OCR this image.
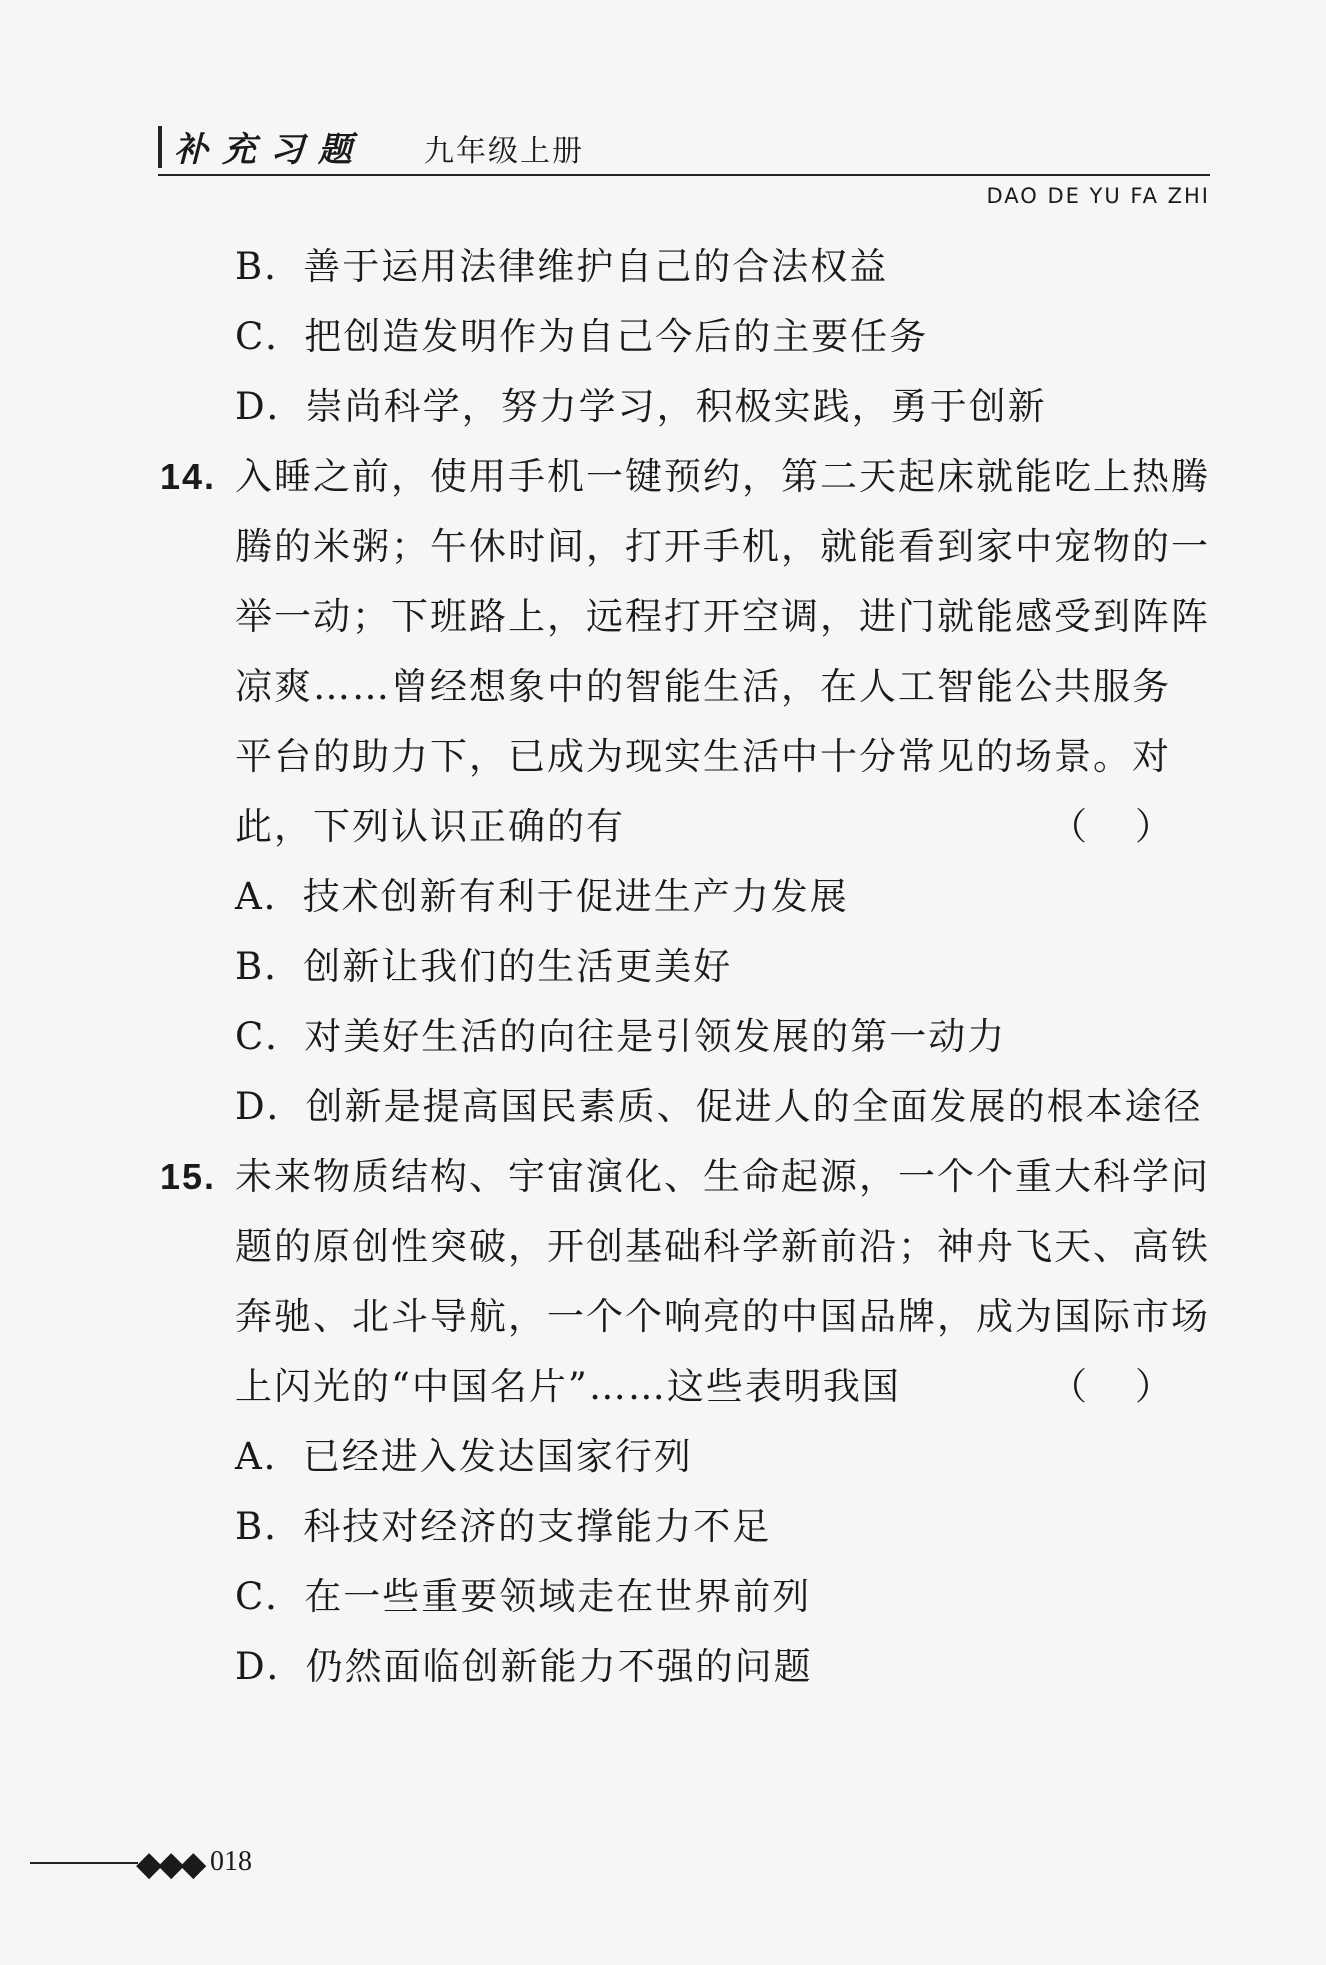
补充习题 九年级上册
DAO DE YU FA ZHI
B．善于运用法律维护自己的合法权益
C．把创造发明作为自己今后的主要任务
D．崇尚科学，努力学习，积极实践，勇于创新
14. 入睡之前，使用手机一键预约，第二天起床就能吃上热腾
腾的米粥；午休时间，打开手机，就能看到家中宠物的一
举一动；下班路上，远程打开空调，进门就能感受到阵阵
凉爽……曾经想象中的智能生活，在人工智能公共服务
平台的助力下，已成为现实生活中十分常见的场景。对
此，下列认识正确的有	（）
A．技术创新有利于促进生产力发展
B．创新让我们的生活更美好
C．对美好生活的向往是引领发展的第一动力
D．创新是提高国民素质、促进人的全面发展的根本途径
15. 未来物质结构、宇宙演化、生命起源，一个个重大科学问
题的原创性突破，开创基础科学新前沿；神舟飞天、高铁
奔驰、北斗导航，一个个响亮的中国品牌，成为国际市场
上闪光的“中国名片”……这些表明我国	（）
A．已经进入发达国家行列
B．科技对经济的支撑能力不足
C．在一些重要领域走在世界前列
D．仍然面临创新能力不强的问题
◆◆◆ 018
